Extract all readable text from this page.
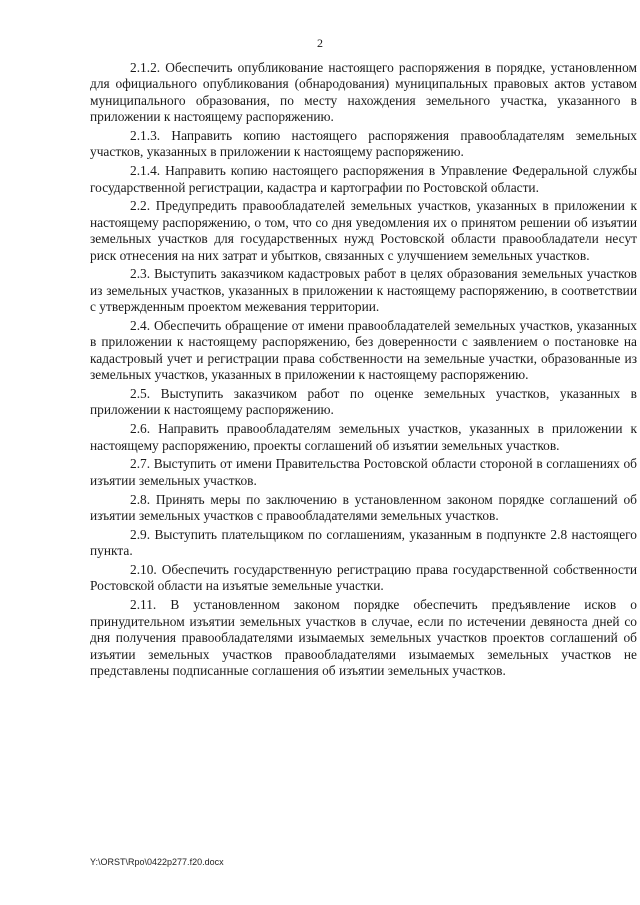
2

2.1.2. Обеспечить опубликование настоящего распоряжения в порядке, установленном для официального опубликования (обнародования) муниципальных правовых актов уставом муниципального образования, по месту нахождения земельного участка, указанного в приложении к настоящему распоряжению.

2.1.3. Направить копию настоящего распоряжения правообладателям земельных участков, указанных в приложении к настоящему распоряжению.

2.1.4. Направить копию настоящего распоряжения в Управление Федеральной службы государственной регистрации, кадастра и картографии по Ростовской области.

2.2. Предупредить правообладателей земельных участков, указанных в приложении к настоящему распоряжению, о том, что со дня уведомления их о принятом решении об изъятии земельных участков для государственных нужд Ростовской области правообладатели несут риск отнесения на них затрат и убытков, связанных с улучшением земельных участков.

2.3. Выступить заказчиком кадастровых работ в целях образования земельных участков из земельных участков, указанных в приложении к настоящему распоряжению, в соответствии с утвержденным проектом межевания территории.

2.4. Обеспечить обращение от имени правообладателей земельных участков, указанных в приложении к настоящему распоряжению, без доверенности с заявлением о постановке на кадастровый учет и регистрации права собственности на земельные участки, образованные из земельных участков, указанных в приложении к настоящему распоряжению.

2.5. Выступить заказчиком работ по оценке земельных участков, указанных в приложении к настоящему распоряжению.

2.6. Направить правообладателям земельных участков, указанных в приложении к настоящему распоряжению, проекты соглашений об изъятии земельных участков.

2.7. Выступить от имени Правительства Ростовской области стороной в соглашениях об изъятии земельных участков.

2.8. Принять меры по заключению в установленном законом порядке соглашений об изъятии земельных участков с правообладателями земельных участков.

2.9. Выступить плательщиком по соглашениям, указанным в подпункте 2.8 настоящего пункта.

2.10. Обеспечить государственную регистрацию права государственной собственности Ростовской области на изъятые земельные участки.

2.11. В установленном законом порядке обеспечить предъявление исков о принудительном изъятии земельных участков в случае, если по истечении девяноста дней со дня получения правообладателями изымаемых земельных участков проектов соглашений об изъятии земельных участков правообладателями изымаемых земельных участков не представлены подписанные соглашения об изъятии земельных участков.

Y:\ORST\Rpo\0422p277.f20.docx
